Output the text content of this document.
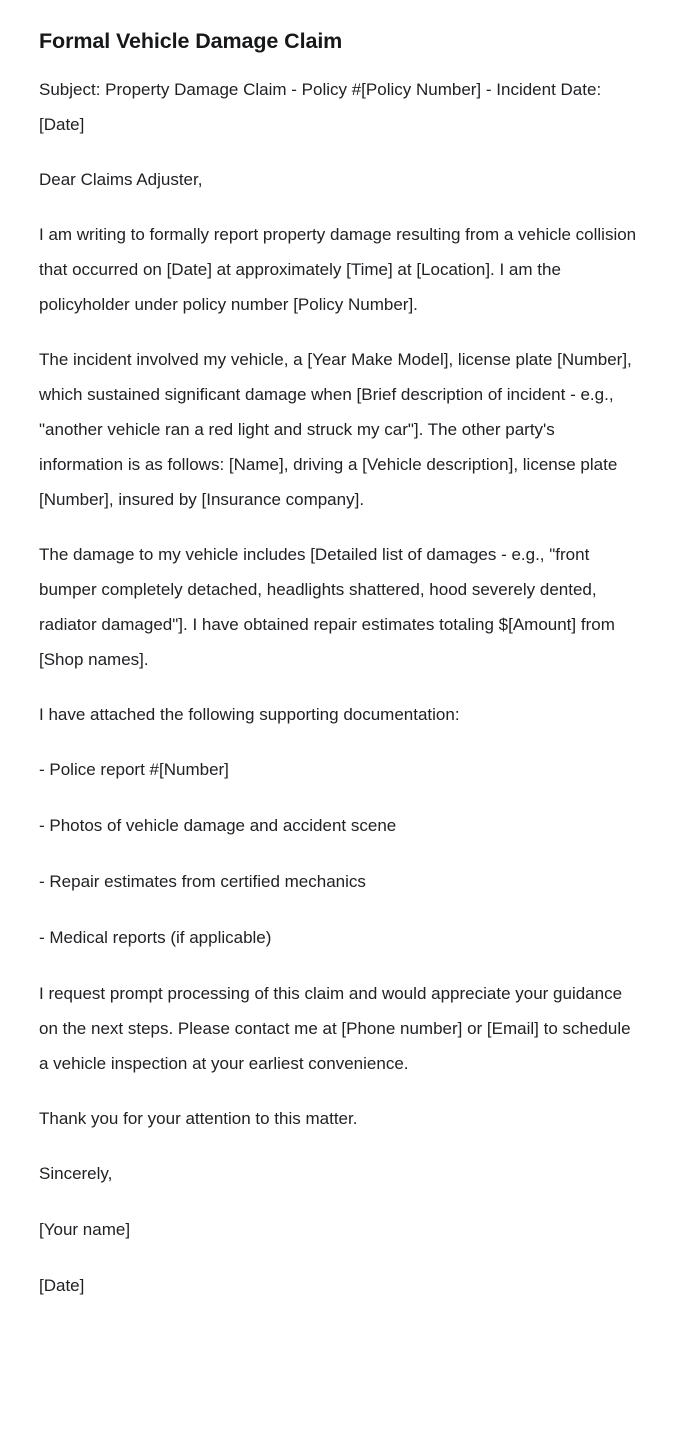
Formal Vehicle Damage Claim

Subject: Property Damage Claim - Policy #[Policy Number] - Incident Date: [Date]

Dear Claims Adjuster,

I am writing to formally report property damage resulting from a vehicle collision that occurred on [Date] at approximately [Time] at [Location]. I am the policyholder under policy number [Policy Number].

The incident involved my vehicle, a [Year Make Model], license plate [Number], which sustained significant damage when [Brief description of incident - e.g., "another vehicle ran a red light and struck my car"]. The other party's information is as follows: [Name], driving a [Vehicle description], license plate [Number], insured by [Insurance company].

The damage to my vehicle includes [Detailed list of damages - e.g., "front bumper completely detached, headlights shattered, hood severely dented, radiator damaged"]. I have obtained repair estimates totaling $[Amount] from [Shop names].

I have attached the following supporting documentation:

- Police report #[Number]

- Photos of vehicle damage and accident scene

- Repair estimates from certified mechanics

- Medical reports (if applicable)

I request prompt processing of this claim and would appreciate your guidance on the next steps. Please contact me at [Phone number] or [Email] to schedule a vehicle inspection at your earliest convenience.

Thank you for your attention to this matter.

Sincerely,

[Your name]

[Date]
